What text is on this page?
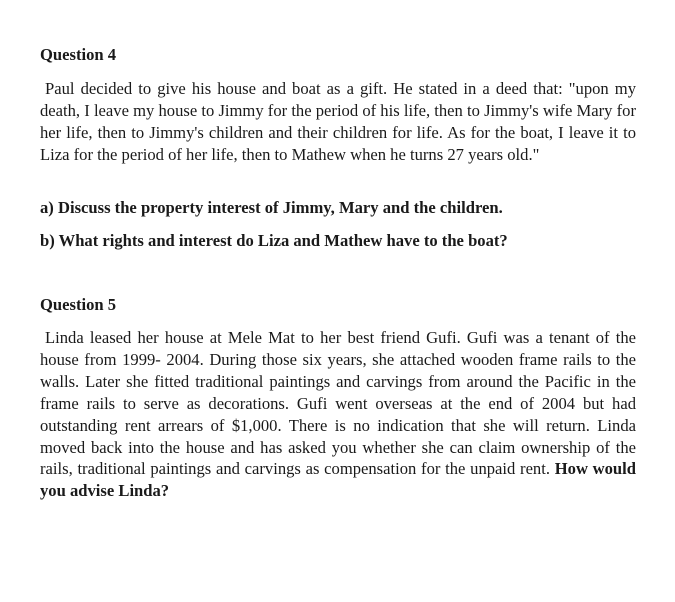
Question 4

Paul decided to give his house and boat as a gift. He stated in a deed that: "upon my death, I leave my house to Jimmy for the period of his life, then to Jimmy's wife Mary for her life, then to Jimmy's children and their children for life. As for the boat, I leave it to Liza for the period of her life, then to Mathew when he turns 27 years old."

a) Discuss the property interest of Jimmy, Mary and the children.

b) What rights and interest do Liza and Mathew have to the boat?

Question 5

Linda leased her house at Mele Mat to her best friend Gufi. Gufi was a tenant of the house from 1999- 2004. During those six years, she attached wooden frame rails to the walls. Later she fitted traditional paintings and carvings from around the Pacific in the frame rails to serve as decorations. Gufi went overseas at the end of 2004 but had outstanding rent arrears of $1,000. There is no indication that she will return. Linda moved back into the house and has asked you whether she can claim ownership of the rails, traditional paintings and carvings as compensation for the unpaid rent. How would you advise Linda?
